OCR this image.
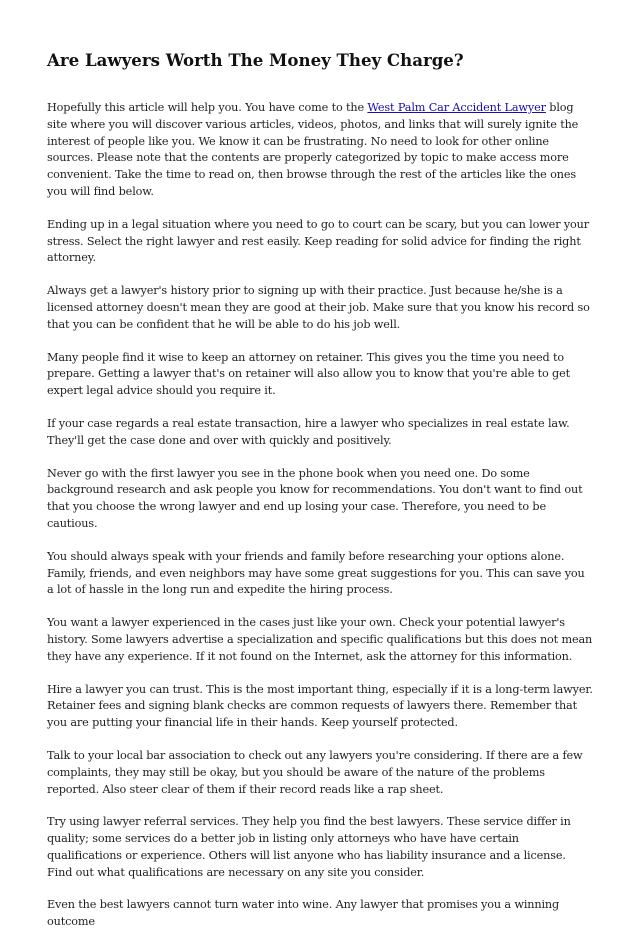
Are Lawyers Worth The Money They Charge?

Hopefully this article will help you. You have come to the West Palm Car Accident Lawyer blog site where you will discover various articles, videos, photos, and links that will surely ignite the interest of people like you. We know it can be frustrating. No need to look for other online sources. Please note that the contents are properly categorized by topic to make access more convenient. Take the time to read on, then browse through the rest of the articles like the ones you will find below.

Ending up in a legal situation where you need to go to court can be scary, but you can lower your stress. Select the right lawyer and rest easily. Keep reading for solid advice for finding the right attorney.

Always get a lawyer's history prior to signing up with their practice. Just because he/she is a licensed attorney doesn't mean they are good at their job. Make sure that you know his record so that you can be confident that he will be able to do his job well.

Many people find it wise to keep an attorney on retainer. This gives you the time you need to prepare. Getting a lawyer that's on retainer will also allow you to know that you're able to get expert legal advice should you require it.

If your case regards a real estate transaction, hire a lawyer who specializes in real estate law. They'll get the case done and over with quickly and positively.

Never go with the first lawyer you see in the phone book when you need one. Do some background research and ask people you know for recommendations. You don't want to find out that you choose the wrong lawyer and end up losing your case. Therefore, you need to be cautious.

You should always speak with your friends and family before researching your options alone. Family, friends, and even neighbors may have some great suggestions for you. This can save you a lot of hassle in the long run and expedite the hiring process.

You want a lawyer experienced in the cases just like your own. Check your potential lawyer's history. Some lawyers advertise a specialization and specific qualifications but this does not mean they have any experience. If it not found on the Internet, ask the attorney for this information.

Hire a lawyer you can trust. This is the most important thing, especially if it is a long-term lawyer. Retainer fees and signing blank checks are common requests of lawyers there. Remember that you are putting your financial life in their hands. Keep yourself protected.

Talk to your local bar association to check out any lawyers you're considering. If there are a few complaints, they may still be okay, but you should be aware of the nature of the problems reported. Also steer clear of them if their record reads like a rap sheet.

Try using lawyer referral services. They help you find the best lawyers. These service differ in quality; some services do a better job in listing only attorneys who have have certain qualifications or experience. Others will list anyone who has liability insurance and a license. Find out what qualifications are necessary on any site you consider.

Even the best lawyers cannot turn water into wine. Any lawyer that promises you a winning outcome
